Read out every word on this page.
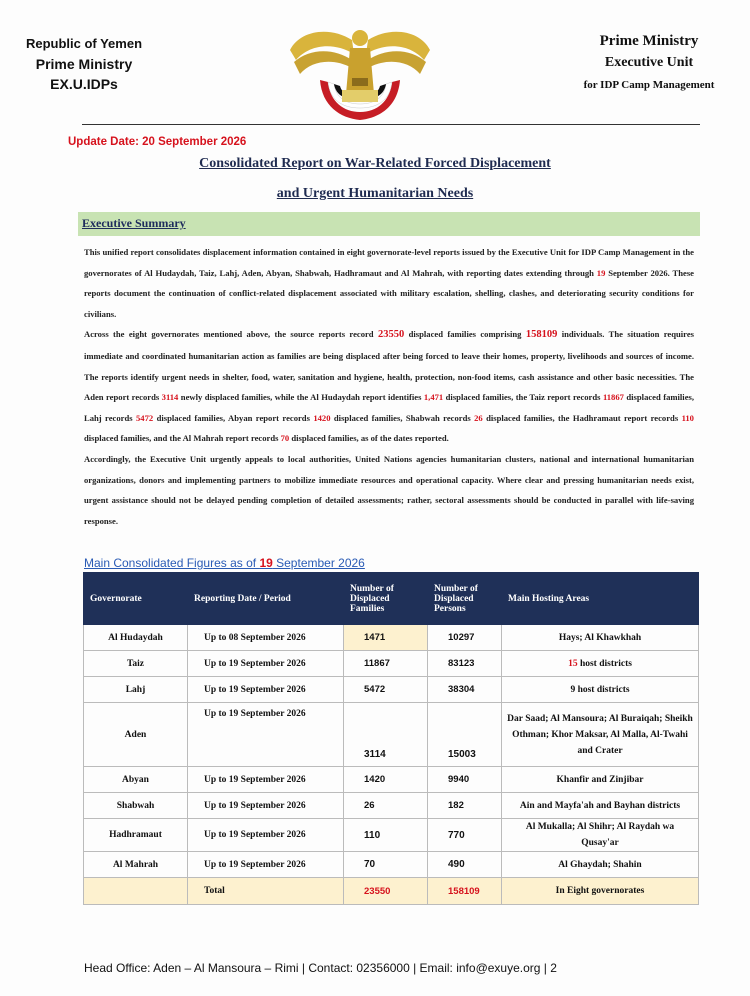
Republic of Yemen
Prime Ministry
EX.U.IDPs
Prime Ministry
Executive Unit
for IDP Camp Management
Update Date: 20 September 2026
Consolidated Report on War-Related Forced Displacement
and Urgent Humanitarian Needs
Executive Summary
This unified report consolidates displacement information contained in eight governorate-level reports issued by the Executive Unit for IDP Camp Management in the governorates of Al Hudaydah, Taiz, Lahj, Aden, Abyan, Shabwah, Hadhramaut and Al Mahrah, with reporting dates extending through 19 September 2026. These reports document the continuation of conflict-related displacement associated with military escalation, shelling, clashes, and deteriorating security conditions for civilians.
Across the eight governorates mentioned above, the source reports record 23550 displaced families comprising 158109 individuals. The situation requires immediate and coordinated humanitarian action as families are being displaced after being forced to leave their homes, property, livelihoods and sources of income. The reports identify urgent needs in shelter, food, water, sanitation and hygiene, health, protection, non-food items, cash assistance and other basic necessities. The Aden report records 3114 newly displaced families, while the Al Hudaydah report identifies 1,471 displaced families, the Taiz report records 11867 displaced families, Lahj records 5472 displaced families, Abyan report records 1420 displaced families, Shabwah records 26 displaced families, the Hadhramaut report records 110 displaced families, and the Al Mahrah report records 70 displaced families, as of the dates reported.
Accordingly, the Executive Unit urgently appeals to local authorities, United Nations agencies humanitarian clusters, national and international humanitarian organizations, donors and implementing partners to mobilize immediate resources and operational capacity. Where clear and pressing humanitarian needs exist, urgent assistance should not be delayed pending completion of detailed assessments; rather, sectoral assessments should be conducted in parallel with life-saving response.
Main Consolidated Figures as of 19 September 2026
Governorate	Reporting Date / Period	Number of Displaced Families	Number of Displaced Persons	Main Hosting Areas
Al Hudaydah	Up to 08 September 2026	1471	10297	Hays; Al Khawkhah
Taiz	Up to 19 September 2026	11867	83123	15 host districts
Lahj	Up to 19 September 2026	5472	38304	9 host districts
Aden	Up to 19 September 2026	3114	15003	Dar Saad; Al Mansoura; Al Buraiqah; Sheikh Othman; Khor Maksar, Al Malla, Al-Twahi and Crater
Abyan	Up to 19 September 2026	1420	9940	Khanfir and Zinjibar
Shabwah	Up to 19 September 2026	26	182	Ain and Mayfa'ah and Bayhan districts
Hadhramaut	Up to 19 September 2026	110	770	Al Mukalla; Al Shihr; Al Raydah wa Qusay'ar
Al Mahrah	Up to 19 September 2026	70	490	Al Ghaydah; Shahin
	Total	23550	158109	In Eight governorates
Head Office: Aden – Al Mansoura – Rimi | Contact: 02356000 | Email: info@exuye.org | 2
